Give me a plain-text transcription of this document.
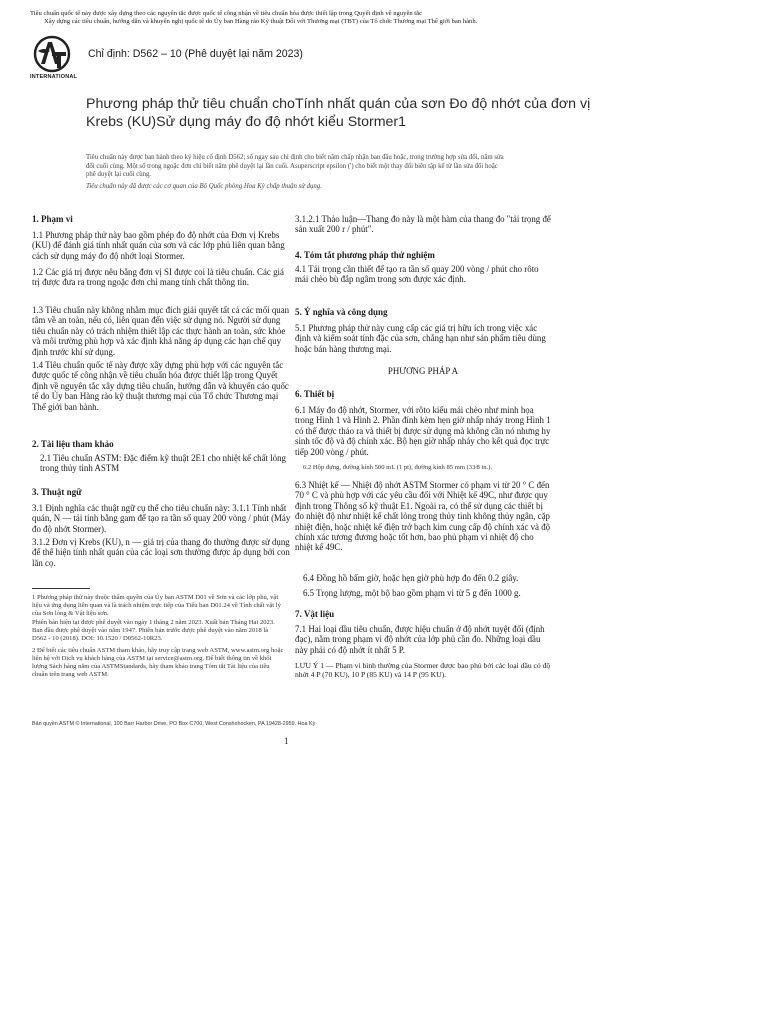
Tiêu chuẩn quốc tế này được xây dựng theo các nguyên tắc được quốc tế công nhận về tiêu chuẩn hóa được thiết lập trong Quyết định về nguyên tắc
Xây dựng các tiêu chuẩn, hướng dẫn và khuyến nghị quốc tế do Ủy ban Hàng rào Kỹ thuật Đối với Thương mại (TBT) của Tổ chức Thương mại Thế giới ban hành.
INTERNATIONAL
Chỉ định: D562 – 10 (Phê duyệt lại năm 2023)
Phương pháp thử tiêu chuẩn choTính nhất quán của sơn Đo độ nhớt của đơn vị Krebs (KU)Sử dụng máy đo độ nhớt kiểu Stormer1
Tiêu chuẩn này được ban hành theo ký hiệu cố định D562; số ngay sau chỉ định cho biết năm chấp nhận ban đầu hoặc, trong trường hợp sửa đổi, năm sửa đổi cuối cùng. Một số trong ngoặc đơn chỉ biết năm phê duyệt lại lần cuối. Asuperscript epsilon (') cho biết một thay đổi biên tập kể từ lần sửa đổi hoặc phê duyệt lại cuối cùng.
Tiêu chuẩn này đã được các cơ quan của Bộ Quốc phòng Hoa Kỳ chấp thuận sử dụng.
1. Phạm vi
1.1 Phương pháp thử này bao gồm phép đo độ nhớt của Đơn vị Krebs (KU) để đánh giá tính nhất quán của sơn và các lớp phủ liên quan bằng cách sử dụng máy đo độ nhớt loại Stormer.
1.2 Các giá trị được nêu bằng đơn vị SI được coi là tiêu chuẩn. Các giá trị được đưa ra trong ngoặc đơn chỉ mang tính chất thông tin.
1.3 Tiêu chuẩn này không nhằm mục đích giải quyết tất cả các mối quan tâm về an toàn, nếu có, liên quan đến việc sử dụng nó. Người sử dụng tiêu chuẩn này có trách nhiệm thiết lập các thực hành an toàn, sức khỏe và môi trường phù hợp và xác định khả năng áp dụng các hạn chế quy định trước khi sử dụng.
1.4 Tiêu chuẩn quốc tế này được xây dựng phù hợp với các nguyên tắc được quốc tế công nhận về tiêu chuẩn hóa được thiết lập trong Quyết định về nguyên tắc xây dựng tiêu chuẩn, hướng dẫn và khuyến cáo quốc tế do Ủy ban Hàng rào kỹ thuật thương mại của Tổ chức Thương mại Thế giới ban hành.
2. Tài liệu tham khảo
2.1 Tiêu chuẩn ASTM: Đặc điểm kỹ thuật 2E1 cho nhiệt kế chất lỏng trong thủy tinh ASTM
3. Thuật ngữ
3.1 Định nghĩa các thuật ngữ cụ thể cho tiêu chuẩn này: 3.1.1 Tính nhất quán, N — tải tính bằng gam để tạo ra tần số quay 200 vòng / phút (Máy đo độ nhớt Stormer).
3.1.2 Đơn vị Krebs (KU), n — giá trị của thang đo thường được sử dụng để thể hiện tính nhất quán của các loại sơn thường được áp dụng bởi con lăn cọ.
1 Phương pháp thử này thuộc thẩm quyền của Ủy ban ASTM D01 về Sơn và các lớp phủ, vật liệu và ứng dụng liên quan và là trách nhiệm trực tiếp của Tiểu ban D01.24 về Tính chất vật lý của Sơn lỏng & Vật liệu sơn.
Phiên bản hiện tại được phê duyệt vào ngày 1 tháng 2 năm 2023. Xuất bản Tháng Hai 2023. Ban đầu được phê duyệt vào năm 1947. Phiên bản trước được phê duyệt vào năm 2018 là D562 - 10 (2018). DOI: 10.1520 / D0562-10R23.
2 Để biết các tiêu chuẩn ASTM tham khảo, hãy truy cập trang web ASTM, www.astm.org hoặc liên hệ với Dịch vụ khách hàng của ASTM tại service@astm.org. Để biết thông tin về khối lượng Sách hàng năm của ASTMStandards, hãy tham khảo trang Tóm tắt Tài liệu của tiêu chuẩn trên trang web ASTM.
3.1.2.1 Thảo luận—Thang đo này là một hàm của thang đo "tải trọng để sản xuất 200 r / phút".
4. Tóm tắt phương pháp thử nghiệm
4.1 Tải trọng cần thiết để tạo ra tần số quay 200 vòng / phút cho rôto mái chèo bù đắp ngâm trong sơn được xác định.
5. Ý nghĩa và công dụng
5.1 Phương pháp thử này cung cấp các giá trị hữu ích trong việc xác định và kiểm soát tính đặc của sơn, chẳng hạn như sản phẩm tiêu dùng hoặc bán hàng thương mại.
PHƯƠNG PHÁP A
6. Thiết bị
6.1 Máy đo độ nhớt, Stormer, với rôto kiểu mái chèo như minh họa trong Hình 1 và Hình 2. Phần đính kèm hẹn giờ nhấp nháy trong Hình 1 có thể được tháo ra và thiết bị được sử dụng mà không cần nó nhưng hy sinh tốc độ và độ chính xác. Bộ hẹn giờ nhấp nháy cho kết quả đọc trực tiếp 200 vòng / phút.
6.2 Hộp đựng, đường kính 500 mL (1 pt), đường kính 85 mm (33⁄8 in.).
6.3 Nhiệt kế — Nhiệt độ nhớt ASTM Stormer có phạm vi từ 20 ° C đến 70 ° C và phù hợp với các yêu cầu đối với Nhiệt kế 49C, như được quy định trong Thông số kỹ thuật E1. Ngoài ra, có thể sử dụng các thiết bị đo nhiệt độ như nhiệt kế chất lỏng trong thủy tinh không thủy ngân, cặp nhiệt điện, hoặc nhiệt kế điện trở bạch kim cung cấp độ chính xác và độ chính xác tương đương hoặc tốt hơn, bao phủ phạm vi nhiệt độ cho nhiệt kế 49C.
6.4 Đồng hồ bấm giờ, hoặc hẹn giờ phù hợp đo đến 0.2 giây.
6.5 Trọng lượng, một bộ bao gồm phạm vi từ 5 g đến 1000 g.
7. Vật liệu
7.1 Hai loại dầu tiêu chuẩn, được hiệu chuẩn ở độ nhớt tuyệt đối (định đạc), nằm trong phạm vi độ nhớt của lớp phủ cần đo. Những loại dầu này phải có độ nhớt ít nhất 5 P.
LƯU Ý 1 — Phạm vi bình thường của Stormer được bao phủ bởi các loại dầu có độ nhớt 4 P (70 KU), 10 P (85 KU) và 14 P (95 KU).
Bản quyền ASTM © International, 100 Barr Harbor Drive, PO Box C700, West Conshohocken, PA 19428-2959. Hoa Kỳ
1
